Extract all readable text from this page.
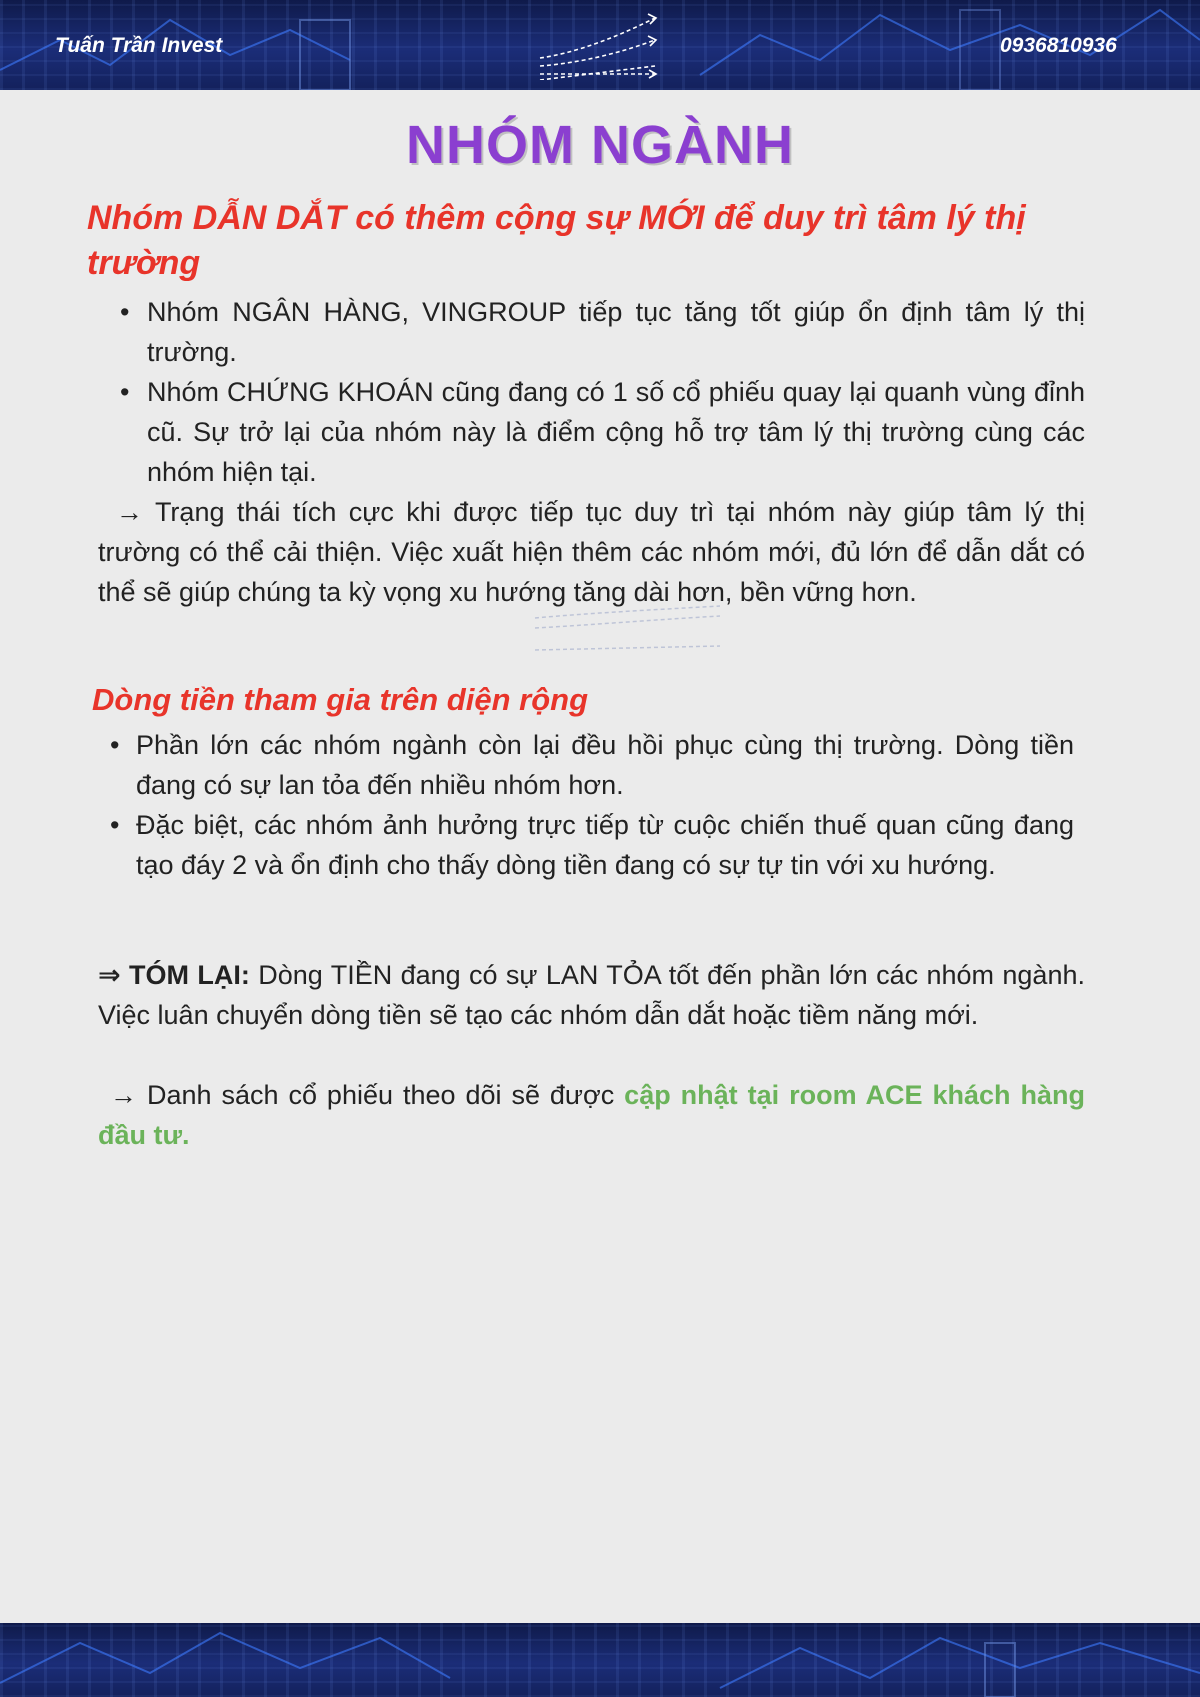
Tuấn Trần Invest	0936810936
NHÓM NGÀNH
Nhóm DẪN DẮT có thêm cộng sự MỚI để duy trì tâm lý thị trường
• Nhóm NGÂN HÀNG, VINGROUP tiếp tục tăng tốt giúp ổn định tâm lý thị trường.
• Nhóm CHỨNG KHOÁN cũng đang có 1 số cổ phiếu quay lại quanh vùng đỉnh cũ. Sự trở lại của nhóm này là điểm cộng hỗ trợ tâm lý thị trường cùng các nhóm hiện tại.
→ Trạng thái tích cực khi được tiếp tục duy trì tại nhóm này giúp tâm lý thị trường có thể cải thiện. Việc xuất hiện thêm các nhóm mới, đủ lớn để dẫn dắt có thể sẽ giúp chúng ta kỳ vọng xu hướng tăng dài hơn, bền vững hơn.
Dòng tiền tham gia trên diện rộng
• Phần lớn các nhóm ngành còn lại đều hồi phục cùng thị trường. Dòng tiền đang có sự lan tỏa đến nhiều nhóm hơn.
• Đặc biệt, các nhóm ảnh hưởng trực tiếp từ cuộc chiến thuế quan cũng đang tạo đáy 2 và ổn định cho thấy dòng tiền đang có sự tự tin với xu hướng.
⇒ TÓM LẠI: Dòng TIỀN đang có sự LAN TỎA tốt đến phần lớn các nhóm ngành. Việc luân chuyển dòng tiền sẽ tạo các nhóm dẫn dắt hoặc tiềm năng mới.
→ Danh sách cổ phiếu theo dõi sẽ được cập nhật tại room ACE khách hàng đầu tư.
